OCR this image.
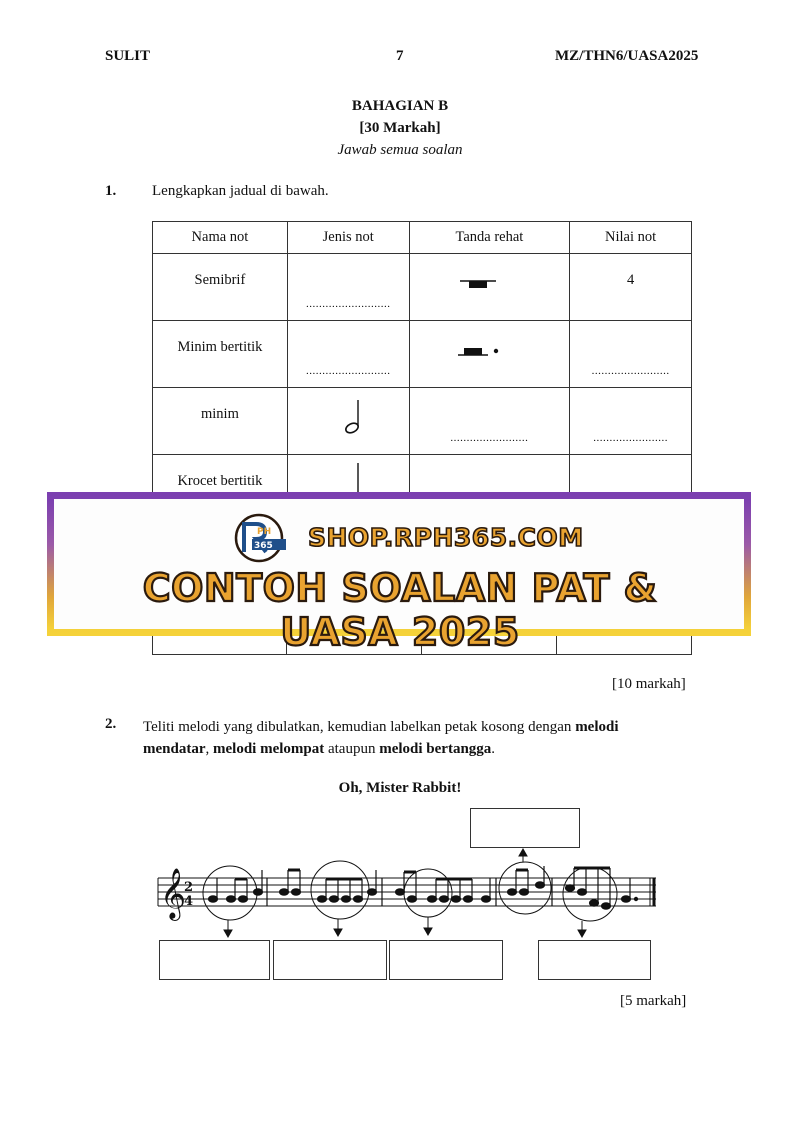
SULIT	7	MZ/THN6/UASA2025
BAHAGIAN B
[30 Markah]
Jawab semua soalan
1. Lengkapkan jadual di bawah.
Nama not	Jenis not	Tanda rehat	Nilai not

Semibrif	..........................		4

Minim bertitik	..........................		........................

minim		........................	.......................

Krocet bertitik

PH
365 SHOP.RPH365.COM
CONTOH SOALAN PAT & UASA 2025
[10 markah]
2. Teliti melodi yang dibulatkan, kemudian labelkan petak kosong dengan melodi mendatar, melodi melompat ataupun melodi bertangga.
Oh, Mister Rabbit!
𝄞
2
4
[5 markah]
